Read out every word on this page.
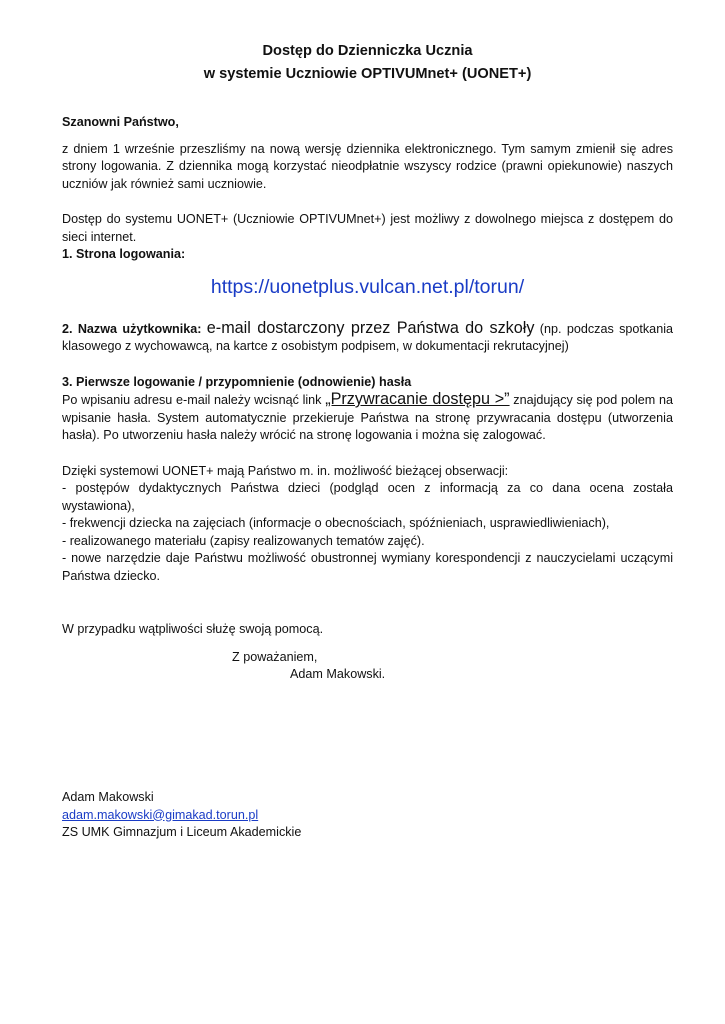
Dostęp do Dzienniczka Ucznia

w systemie Uczniowie OPTIVUMnet+ (UONET+)

Szanowni Państwo,

z dniem 1 wrześnie przeszliśmy na nową wersję dziennika elektronicznego. Tym samym zmienił się adres strony logowania. Z dziennika mogą korzystać nieodpłatnie wszyscy rodzice (prawni opiekunowie) naszych uczniów jak również sami uczniowie.

Dostęp do systemu UONET+ (Uczniowie OPTIVUMnet+) jest możliwy z dowolnego miejsca z dostępem do sieci internet.

1. Strona logowania:

https://uonetplus.vulcan.net.pl/torun/

2. Nazwa użytkownika: e-mail dostarczony przez Państwa do szkoły (np. podczas spotkania klasowego z wychowawcą, na kartce z osobistym podpisem, w dokumentacji rekrutacyjnej)

3. Pierwsze logowanie / przypomnienie (odnowienie) hasła

Po wpisaniu adresu e-mail należy wcisnąć link „Przywracanie dostępu >” znajdujący się pod polem na wpisanie hasła. System automatycznie przekieruje Państwa na stronę przywracania dostępu (utworzenia hasła). Po utworzeniu hasła należy wrócić na stronę logowania i można się zalogować.

Dzięki systemowi UONET+ mają Państwo m. in. możliwość bieżącej obserwacji:

- postępów dydaktycznych Państwa dzieci (podgląd ocen z informacją za co dana ocena została wystawiona),

- frekwencji dziecka na zajęciach (informacje o obecnościach, spóźnieniach, usprawiedliwieniach),

- realizowanego materiału (zapisy realizowanych tematów zajęć).

- nowe narzędzie daje Państwu możliwość obustronnej wymiany korespondencji z nauczycielami uczącymi Państwa dziecko.

W przypadku wątpliwości służę swoją pomocą.

Z poważaniem,

Adam Makowski.

Adam Makowski

adam.makowski@gimakad.torun.pl

ZS UMK Gimnazjum i Liceum Akademickie
